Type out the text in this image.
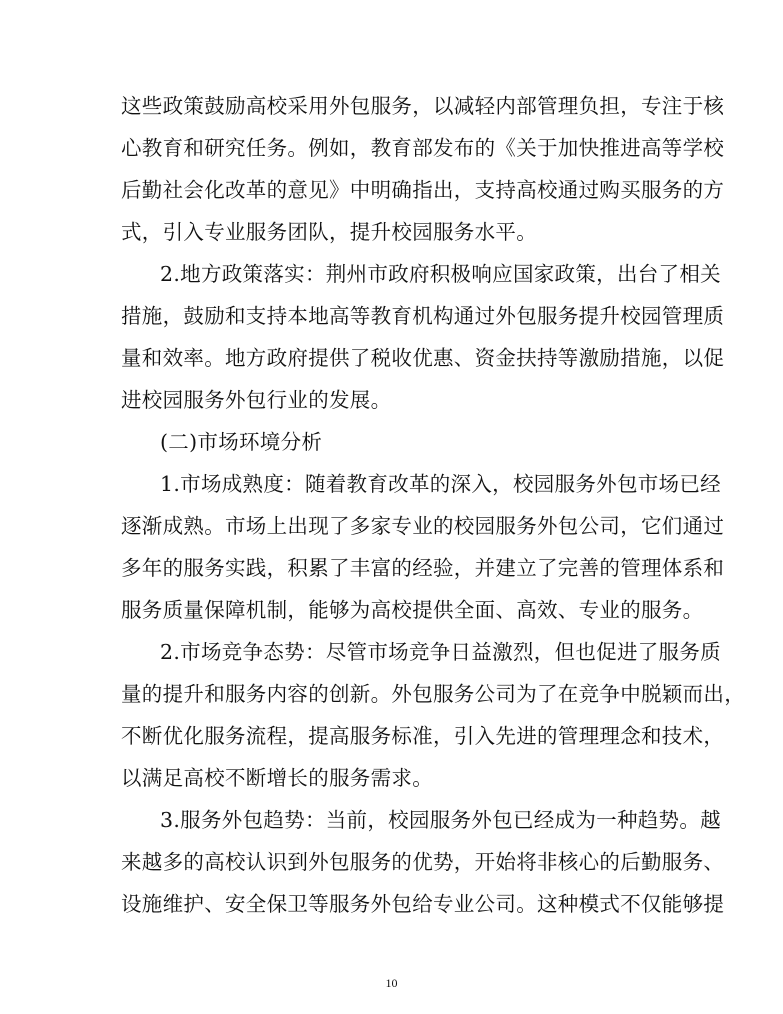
这些政策鼓励高校采用外包服务，以减轻内部管理负担，专注于核
心教育和研究任务。例如，教育部发布的《关于加快推进高等学校
后勤社会化改革的意见》中明确指出，支持高校通过购买服务的方
式，引入专业服务团队，提升校园服务水平。
2.地方政策落实：荆州市政府积极响应国家政策，出台了相关
措施，鼓励和支持本地高等教育机构通过外包服务提升校园管理质
量和效率。地方政府提供了税收优惠、资金扶持等激励措施，以促
进校园服务外包行业的发展。
(二)市场环境分析
1.市场成熟度：随着教育改革的深入，校园服务外包市场已经
逐渐成熟。市场上出现了多家专业的校园服务外包公司，它们通过
多年的服务实践，积累了丰富的经验，并建立了完善的管理体系和
服务质量保障机制，能够为高校提供全面、高效、专业的服务。
2.市场竞争态势：尽管市场竞争日益激烈，但也促进了服务质
量的提升和服务内容的创新。外包服务公司为了在竞争中脱颖而出，
不断优化服务流程，提高服务标准，引入先进的管理理念和技术，
以满足高校不断增长的服务需求。
3.服务外包趋势：当前，校园服务外包已经成为一种趋势。越
来越多的高校认识到外包服务的优势，开始将非核心的后勤服务、
设施维护、安全保卫等服务外包给专业公司。这种模式不仅能够提
10
